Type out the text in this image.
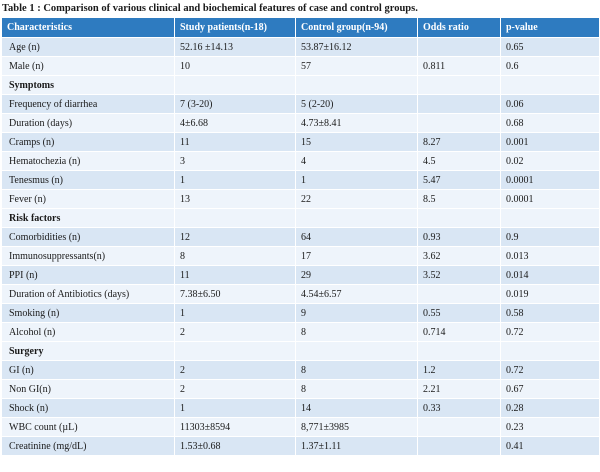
Table 1 : Comparison of various clinical and biochemical features of case and control groups.
Characteristics	Study patients(n-18)	Control group(n-94)	Odds ratio	p-value
Age (n)	52.16 ±14.13	53.87±16.12		0.65
Male (n)	10	57	0.811	0.6
Symptoms				
Frequency of diarrhea	7 (3-20)	5 (2-20)		0.06
Duration (days)	4±6.68	4.73±8.41		0.68
Cramps (n)	11	15	8.27	0.001
Hematochezia (n)	3	4	4.5	0.02
Tenesmus (n)	1	1	5.47	0.0001
Fever (n)	13	22	8.5	0.0001
Risk factors				
Comorbidities (n)	12	64	0.93	0.9
Immunosuppressants(n)	8	17	3.62	0.013
PPI (n)	11	29	3.52	0.014
Duration of Antibiotics (days)	7.38±6.50	4.54±6.57		0.019
Smoking (n)	1	9	0.55	0.58
Alcohol (n)	2	8	0.714	0.72
Surgery				
GI (n)	2	8	1.2	0.72
Non GI(n)	2	8	2.21	0.67
Shock (n)	1	14	0.33	0.28
WBC count (µL)	11303±8594	8,771±3985		0.23
Creatinine (mg/dL)	1.53±0.68	1.37±1.11		0.41
